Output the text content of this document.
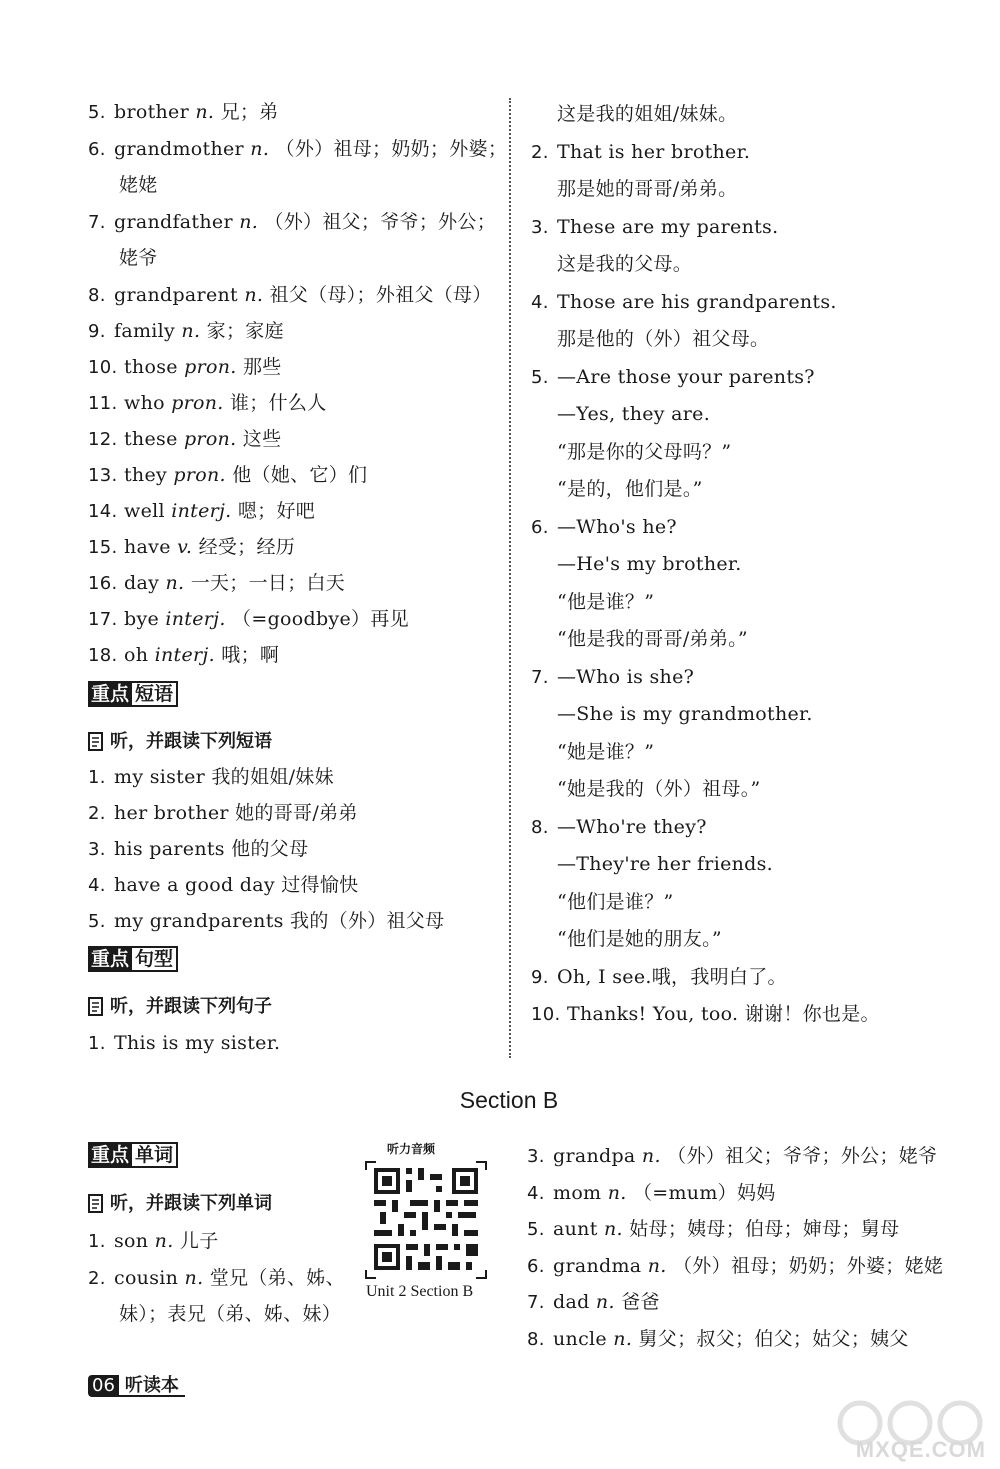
5. brother n. 兄；弟
6. grandmother n. （外）祖母；奶奶；外婆；
姥姥
7. grandfather n. （外）祖父；爷爷；外公；
姥爷
8. grandparent n. 祖父（母）；外祖父（母）
9. family n. 家；家庭
10. those pron. 那些
11. who pron. 谁；什么人
12. these pron. 这些
13. they pron. 他（她、它）们
14. well interj. 嗯；好吧
15. have v. 经受；经历
16. day n. 一天；一日；白天
17. bye interj. （=goodbye）再见
18. oh interj. 哦；啊
重点 短语
听，并跟读下列短语
1. my sister 我的姐姐/妹妹
2. her brother 她的哥哥/弟弟
3. his parents 他的父母
4. have a good day 过得愉快
5. my grandparents 我的（外）祖父母
重点 句型
听，并跟读下列句子
1. This is my sister.
这是我的姐姐/妹妹。
2. That is her brother.
那是她的哥哥/弟弟。
3. These are my parents.
这是我的父母。
4. Those are his grandparents.
那是他的（外）祖父母。
5. —Are those your parents?
—Yes, they are.
“那是你的父母吗？”
“是的，他们是。”
6. —Who's he?
—He's my brother.
“他是谁？”
“他是我的哥哥/弟弟。”
7. —Who is she?
—She is my grandmother.
“她是谁？”
“她是我的（外）祖母。”
8. —Who're they?
—They're her friends.
“他们是谁？”
“他们是她的朋友。”
9. Oh, I see.哦，我明白了。
10. Thanks! You, too. 谢谢！你也是。
Section B
重点 单词
听，并跟读下列单词
1. son n. 儿子
2. cousin n. 堂兄（弟、姊、
妹）；表兄（弟、姊、妹）
听力音频
Unit 2 Section B
3. grandpa n. （外）祖父；爷爷；外公；姥爷
4. mom n. （=mum）妈妈
5. aunt n. 姑母；姨母；伯母；婶母；舅母
6. grandma n. （外）祖母；奶奶；外婆；姥姥
7. dad n. 爸爸
8. uncle n. 舅父；叔父；伯父；姑父；姨父
06 听读本
MXQE.COM
